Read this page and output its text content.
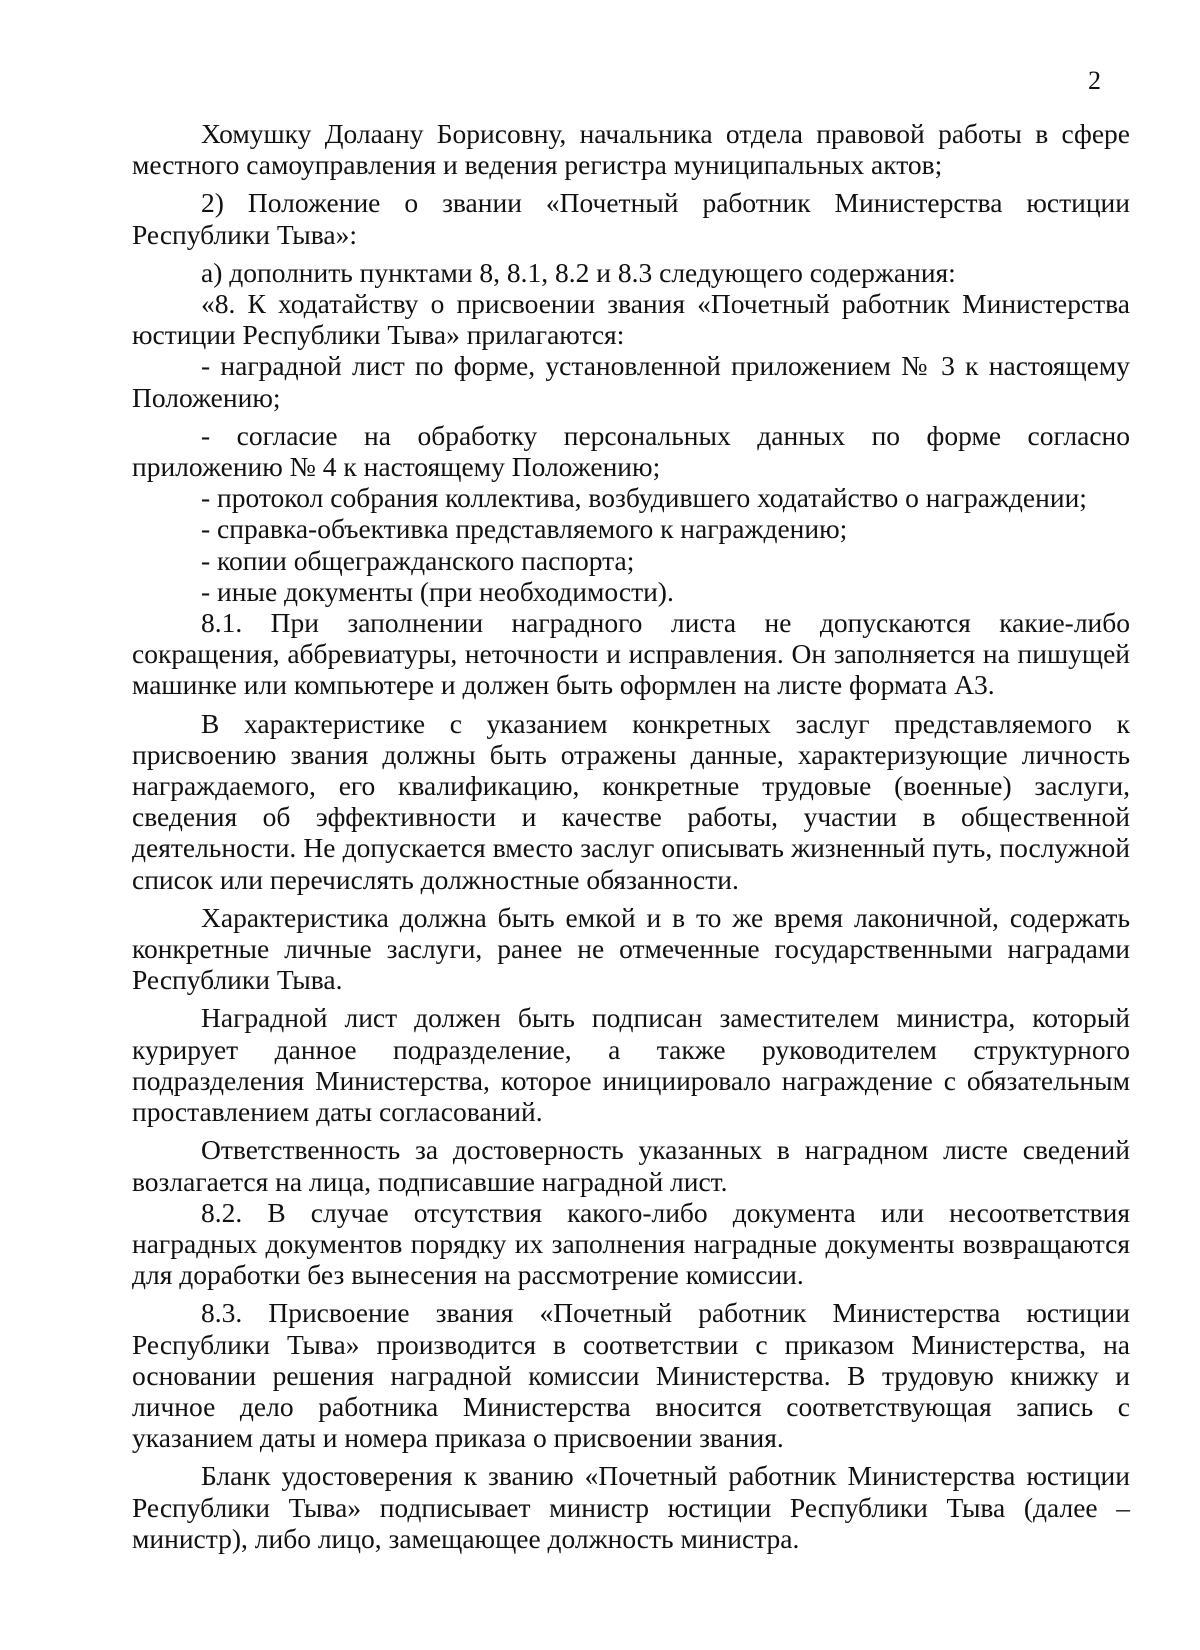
2

Хомушку Долаану Борисовну, начальника отдела правовой работы в сфере местного самоуправления и ведения регистра муниципальных актов;

2) Положение о звании «Почетный работник Министерства юстиции Республики Тыва»:

а) дополнить пунктами 8, 8.1, 8.2 и 8.3 следующего содержания:

«8. К ходатайству о присвоении звания «Почетный работник Министерства юстиции Республики Тыва» прилагаются:

- наградной лист по форме, установленной приложением № 3 к настоящему Положению;

- согласие на обработку персональных данных по форме согласно приложению № 4 к настоящему Положению;

- протокол собрания коллектива, возбудившего ходатайство о награждении;

- справка-объективка представляемого к награждению;

- копии общегражданского паспорта;

- иные документы (при необходимости).

8.1. При заполнении наградного листа не допускаются какие-либо сокращения, аббревиатуры, неточности и исправления. Он заполняется на пишущей машинке или компьютере и должен быть оформлен на листе формата А3.

В характеристике с указанием конкретных заслуг представляемого к присвоению звания должны быть отражены данные, характеризующие личность награждаемого, его квалификацию, конкретные трудовые (военные) заслуги, сведения об эффективности и качестве работы, участии в общественной деятельности. Не допускается вместо заслуг описывать жизненный путь, послужной список или перечислять должностные обязанности.

Характеристика должна быть емкой и в то же время лаконичной, содержать конкретные личные заслуги, ранее не отмеченные государственными наградами Республики Тыва.

Наградной лист должен быть подписан заместителем министра, который курирует данное подразделение, а также руководителем структурного подразделения Министерства, которое инициировало награждение с обязательным проставлением даты согласований.

Ответственность за достоверность указанных в наградном листе сведений возлагается на лица, подписавшие наградной лист.

8.2. В случае отсутствия какого-либо документа или несоответствия наградных документов порядку их заполнения наградные документы возвращаются для доработки без вынесения на рассмотрение комиссии.

8.3. Присвоение звания «Почетный работник Министерства юстиции Республики Тыва» производится в соответствии с приказом Министерства, на основании решения наградной комиссии Министерства. В трудовую книжку и личное дело работника Министерства вносится соответствующая запись с указанием даты и номера приказа о присвоении звания.

Бланк удостоверения к званию «Почетный работник Министерства юстиции Республики Тыва» подписывает министр юстиции Республики Тыва (далее – министр), либо лицо, замещающее должность министра.
